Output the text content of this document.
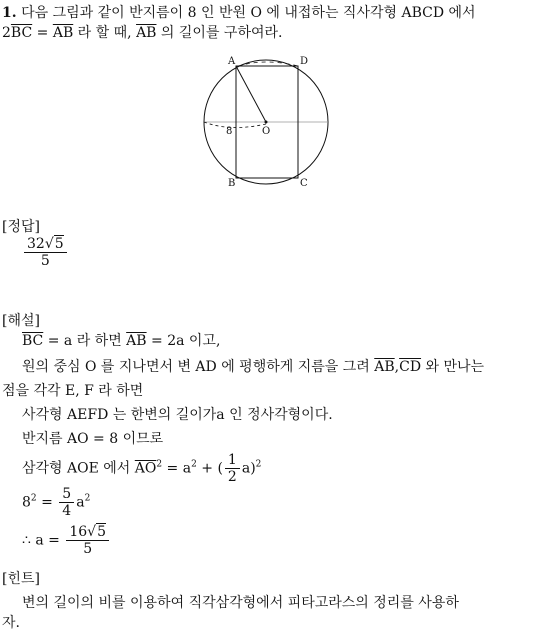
1. 다음 그림과 같이 반지름이 8 인 반원 O 에 내접하는 직사각형 ABCD 에서
$2\overline{BC} = \overline{AB}$ 라 할 때, $\overline{AB}$ 의 길이를 구하여라.
A	D
B	C
O
8
[정답]
$\frac{32√5}{5}$
[해설]
$\overline{BC} = a$ 라 하면 $\overline{AB} = 2a$ 이고,
원의 중심 O 를 지나면서 변 AD 에 평행하게 지름을 그려 $\overline{AB},\overline{CD}$ 와 만나는
점을 각각 E, F 라 하면
사각형 AEFD 는 한변의 길이가a 인 정사각형이다.
반지름 AO = 8 이므로
삼각형 AOE 에서 $\overline{AO}^2 = a^2$ + ( $\frac{1}{2} a)^2$
$8^2 = \frac{5}{4} a^2$
∴ $a = \frac{16√5}{5}$
[힌트]
변의 길이의 비를 이용하여 직각삼각형에서 피타고라스의 정리를 사용하
자.
